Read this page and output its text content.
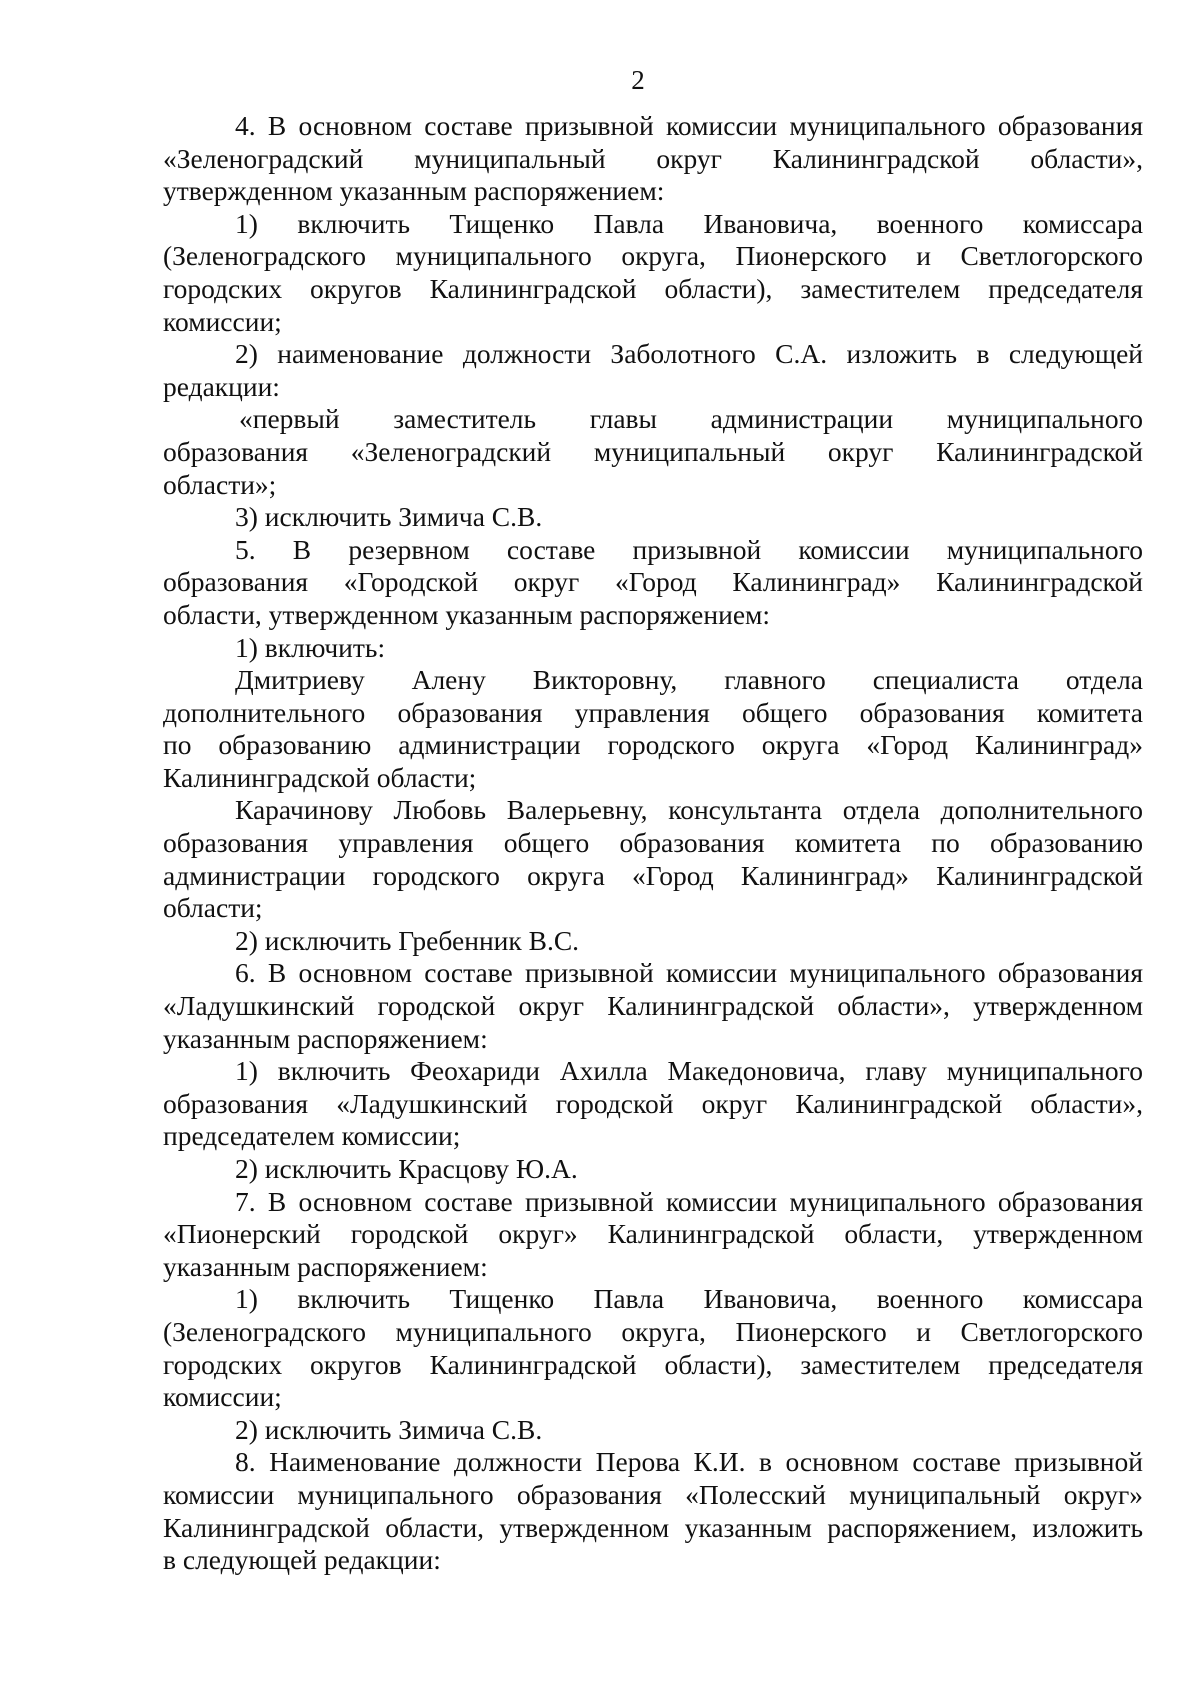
2
4. В основном составе призывной комиссии муниципального образования
«Зеленоградский муниципальный округ Калининградской области»,
утвержденном указанным распоряжением:
1) включить Тищенко Павла Ивановича, военного комиссара
(Зеленоградского муниципального округа, Пионерского и Светлогорского
городских округов Калининградской области), заместителем председателя
комиссии;
2) наименование должности Заболотного С.А. изложить в следующей
редакции:
«первый заместитель главы администрации муниципального
образования «Зеленоградский муниципальный округ Калининградской
области»;
3) исключить Зимича С.В.
5. В резервном составе призывной комиссии муниципального
образования «Городской округ «Город Калининград» Калининградской
области, утвержденном указанным распоряжением:
1) включить:
Дмитриеву Алену Викторовну, главного специалиста отдела
дополнительного образования управления общего образования комитета
по образованию администрации городского округа «Город Калининград»
Калининградской области;
Карачинову Любовь Валерьевну, консультанта отдела дополнительного
образования управления общего образования комитета по образованию
администрации городского округа «Город Калининград» Калининградской
области;
2) исключить Гребенник В.С.
6. В основном составе призывной комиссии муниципального образования
«Ладушкинский городской округ Калининградской области», утвержденном
указанным распоряжением:
1) включить Феохариди Ахилла Македоновича, главу муниципального
образования «Ладушкинский городской округ Калининградской области»,
председателем комиссии;
2) исключить Красцову Ю.А.
7. В основном составе призывной комиссии муниципального образования
«Пионерский городской округ» Калининградской области, утвержденном
указанным распоряжением:
1) включить Тищенко Павла Ивановича, военного комиссара
(Зеленоградского муниципального округа, Пионерского и Светлогорского
городских округов Калининградской области), заместителем председателя
комиссии;
2) исключить Зимича С.В.
8. Наименование должности Перова К.И. в основном составе призывной
комиссии муниципального образования «Полесский муниципальный округ»
Калининградской области, утвержденном указанным распоряжением, изложить
в следующей редакции:
